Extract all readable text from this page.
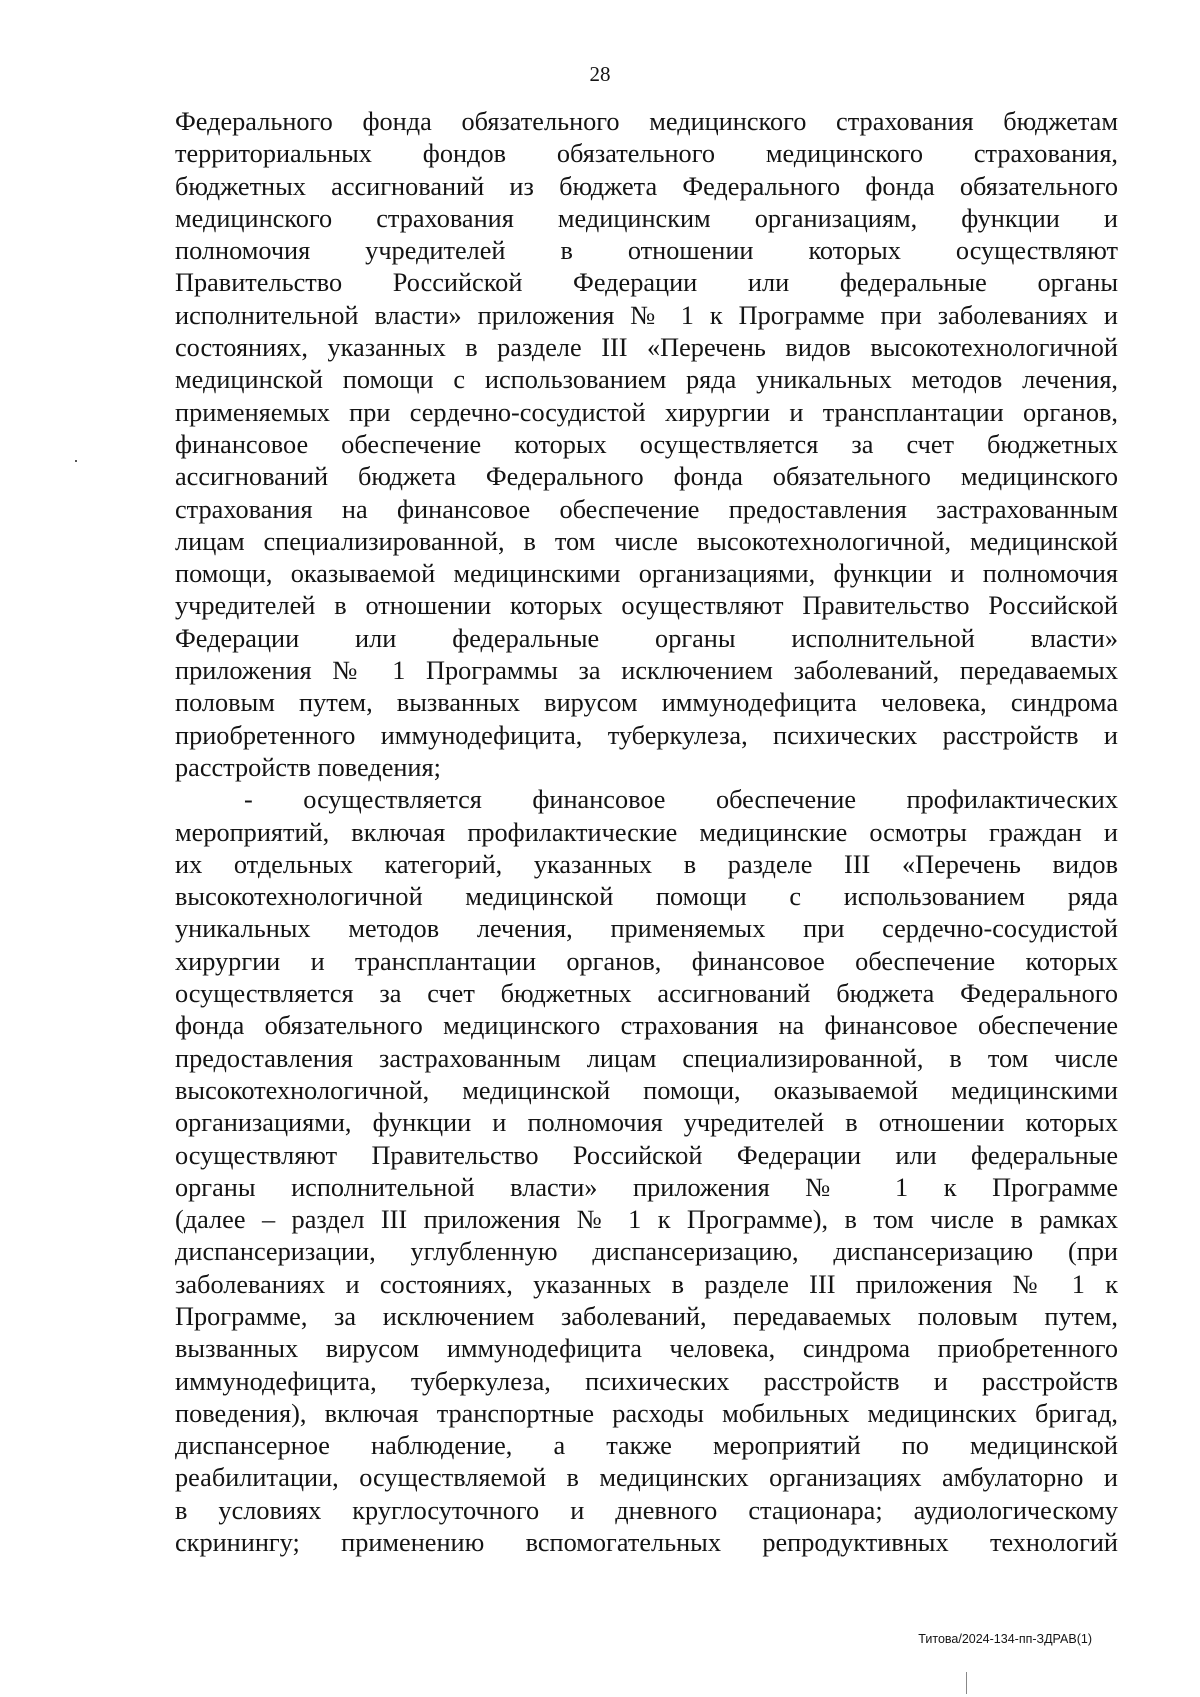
28
Федерального фонда обязательного медицинского страхования бюджетам
территориальных фондов обязательного медицинского страхования,
бюджетных ассигнований из бюджета Федерального фонда обязательного
медицинского страхования медицинским организациям, функции и
полномочия учредителей в отношении которых осуществляют
Правительство Российской Федерации или федеральные органы
исполнительной власти» приложения № 1 к Программе при заболеваниях и
состояниях, указанных в разделе III «Перечень видов высокотехнологичной
медицинской помощи с использованием ряда уникальных методов лечения,
применяемых при сердечно-сосудистой хирургии и трансплантации органов,
финансовое обеспечение которых осуществляется за счет бюджетных
ассигнований бюджета Федерального фонда обязательного медицинского
страхования на финансовое обеспечение предоставления застрахованным
лицам специализированной, в том числе высокотехнологичной, медицинской
помощи, оказываемой медицинскими организациями, функции и полномочия
учредителей в отношении которых осуществляют Правительство Российской
Федерации или федеральные органы исполнительной власти»
приложения № 1 Программы за исключением заболеваний, передаваемых
половым путем, вызванных вирусом иммунодефицита человека, синдрома
приобретенного иммунодефицита, туберкулеза, психических расстройств и
расстройств поведения;
- осуществляется финансовое обеспечение профилактических
мероприятий, включая профилактические медицинские осмотры граждан и
их отдельных категорий, указанных в разделе III «Перечень видов
высокотехнологичной медицинской помощи с использованием ряда
уникальных методов лечения, применяемых при сердечно-сосудистой
хирургии и трансплантации органов, финансовое обеспечение которых
осуществляется за счет бюджетных ассигнований бюджета Федерального
фонда обязательного медицинского страхования на финансовое обеспечение
предоставления застрахованным лицам специализированной, в том числе
высокотехнологичной, медицинской помощи, оказываемой медицинскими
организациями, функции и полномочия учредителей в отношении которых
осуществляют Правительство Российской Федерации или федеральные
органы исполнительной власти» приложения № 1 к Программе
(далее – раздел III приложения № 1 к Программе), в том числе в рамках
диспансеризации, углубленную диспансеризацию, диспансеризацию (при
заболеваниях и состояниях, указанных в разделе III приложения № 1 к
Программе, за исключением заболеваний, передаваемых половым путем,
вызванных вирусом иммунодефицита человека, синдрома приобретенного
иммунодефицита, туберкулеза, психических расстройств и расстройств
поведения), включая транспортные расходы мобильных медицинских бригад,
диспансерное наблюдение, а также мероприятий по медицинской
реабилитации, осуществляемой в медицинских организациях амбулаторно и
в условиях круглосуточного и дневного стационара; аудиологическому
скринингу; применению вспомогательных репродуктивных технологий
Титова/2024-134-пп-ЗДРАВ(1)
